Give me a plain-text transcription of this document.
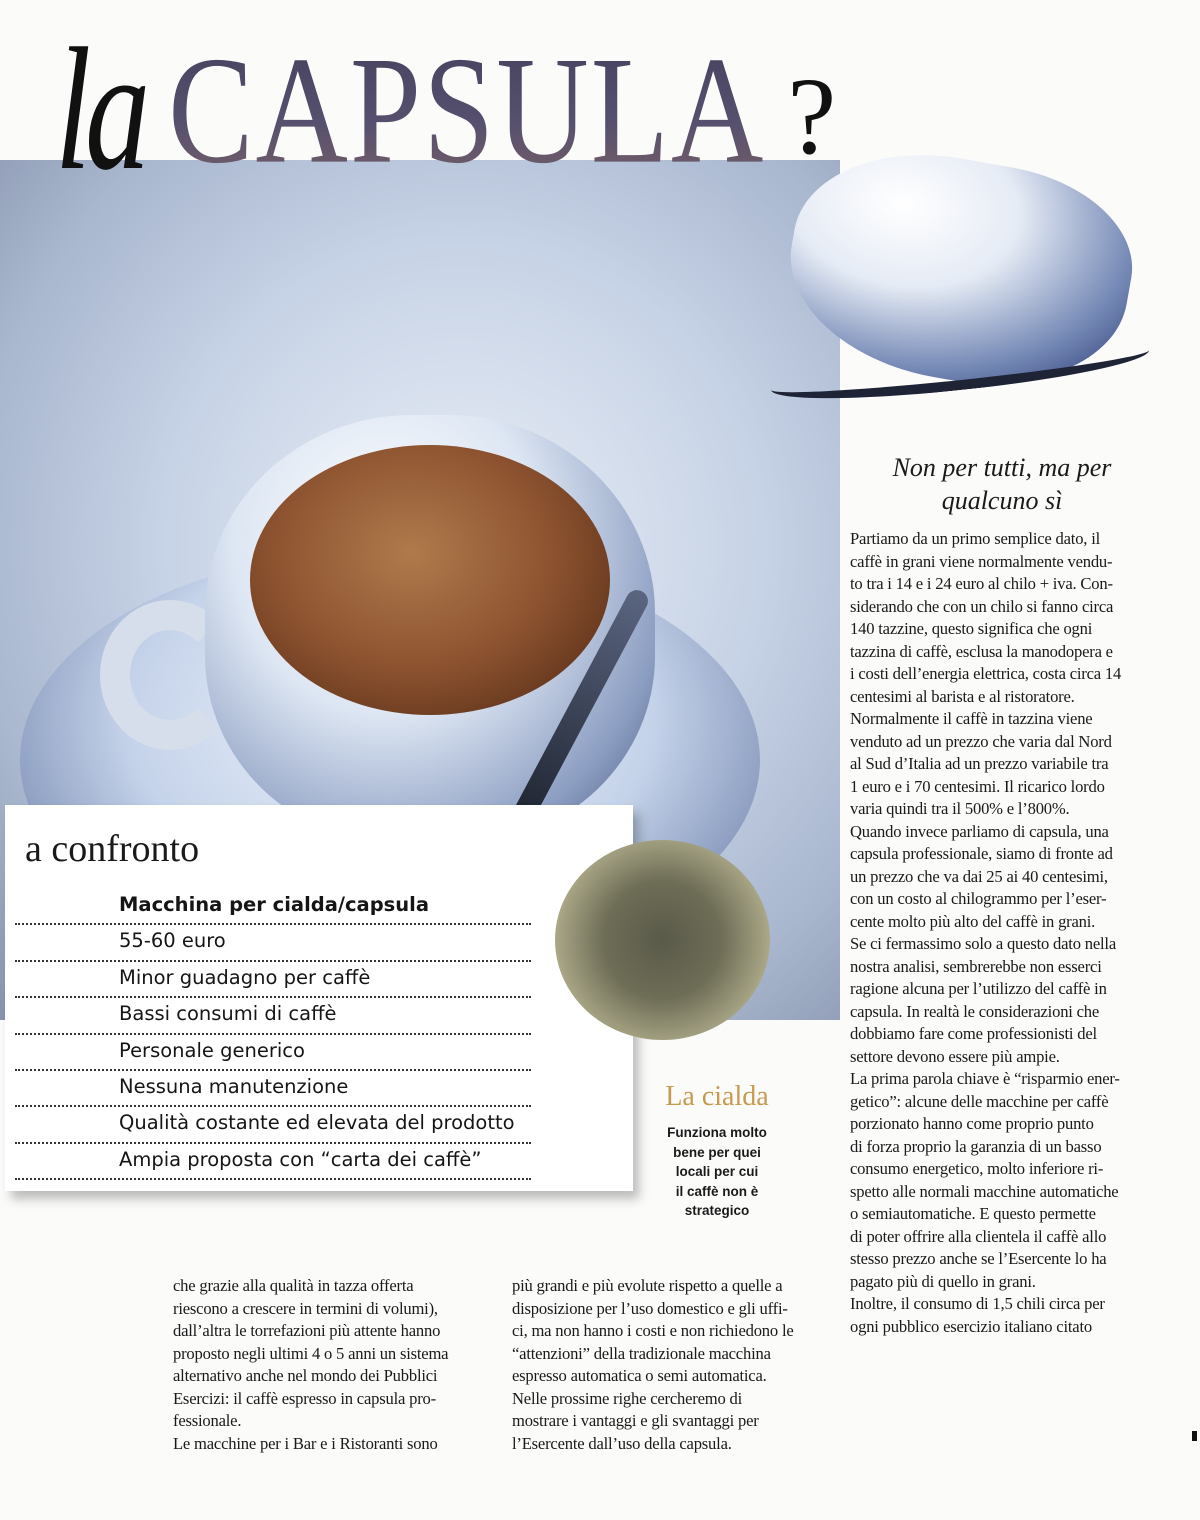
la CAPSULA ?
a confronto
Macchina per cialda/capsula
55-60 euro
Minor guadagno per caffè
Bassi consumi di caffè
Personale generico
Nessuna manutenzione
Qualità costante ed elevata del prodotto
Ampia proposta con “carta dei caffè”
La cialda
Funziona molto
bene per quei
locali per cui
il caffè non è
strategico
Non per tutti, ma per
qualcuno sì

Partiamo da un primo semplice dato, il

caffè in grani viene normalmente vendu-

to tra i 14 e i 24 euro al chilo + iva. Con-

siderando che con un chilo si fanno circa

140 tazzine, questo significa che ogni

tazzina di caffè, esclusa la manodopera e

i costi dell’energia elettrica, costa circa 14

centesimi al barista e al ristoratore.

Normalmente il caffè in tazzina viene

venduto ad un prezzo che varia dal Nord

al Sud d’Italia ad un prezzo variabile tra

1 euro e i 70 centesimi. Il ricarico lordo

varia quindi tra il 500% e l’800%.

Quando invece parliamo di capsula, una

capsula professionale, siamo di fronte ad

un prezzo che va dai 25 ai 40 centesimi,

con un costo al chilogrammo per l’eser-

cente molto più alto del caffè in grani.

Se ci fermassimo solo a questo dato nella

nostra analisi, sembrerebbe non esserci

ragione alcuna per l’utilizzo del caffè in

capsula. In realtà le considerazioni che

dobbiamo fare come professionisti del

settore devono essere più ampie.

La prima parola chiave è “risparmio ener-

getico”: alcune delle macchine per caffè

porzionato hanno come proprio punto

di forza proprio la garanzia di un basso

consumo energetico, molto inferiore ri-

spetto alle normali macchine automatiche

o semiautomatiche. E questo permette

di poter offrire alla clientela il caffè allo

stesso prezzo anche se l’Esercente lo ha

pagato più di quello in grani.

Inoltre, il consumo di 1,5 chili circa per

ogni pubblico esercizio italiano citato

che grazie alla qualità in tazza offerta

riescono a crescere in termini di volumi),

dall’altra le torrefazioni più attente hanno

proposto negli ultimi 4 o 5 anni un sistema

alternativo anche nel mondo dei Pubblici

Esercizi: il caffè espresso in capsula pro-

fessionale.

Le macchine per i Bar e i Ristoranti sono

più grandi e più evolute rispetto a quelle a

disposizione per l’uso domestico e gli uffi-

ci, ma non hanno i costi e non richiedono le

“attenzioni” della tradizionale macchina

espresso automatica o semi automatica.

Nelle prossime righe cercheremo di

mostrare i vantaggi e gli svantaggi per

l’Esercente dall’uso della capsula.
